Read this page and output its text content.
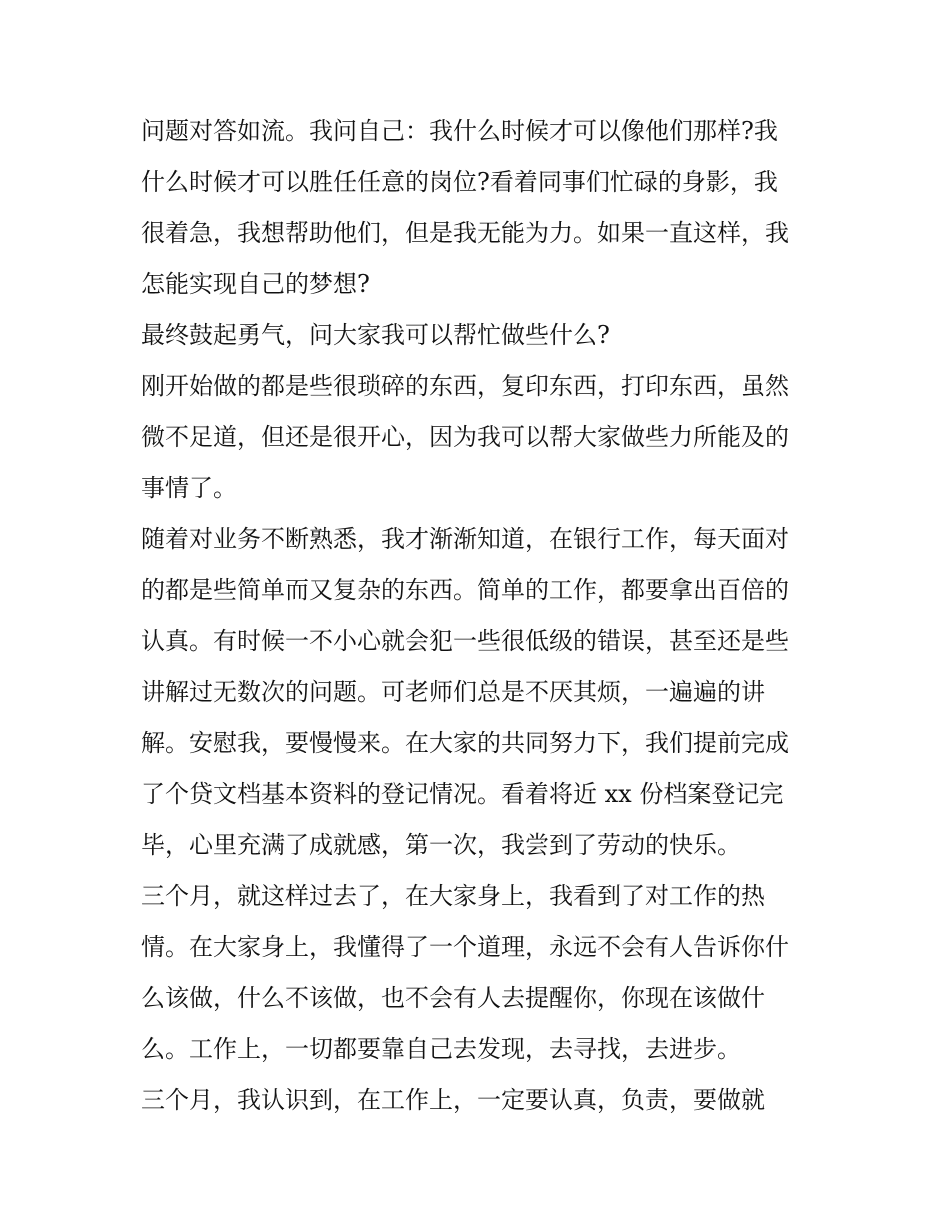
问题对答如流。我问自己：我什么时候才可以像他们那样?我
什么时候才可以胜任任意的岗位?看着同事们忙碌的身影，我
很着急，我想帮助他们，但是我无能为力。如果一直这样，我
怎能实现自己的梦想?
最终鼓起勇气，问大家我可以帮忙做些什么?
刚开始做的都是些很琐碎的东西，复印东西，打印东西，虽然
微不足道，但还是很开心，因为我可以帮大家做些力所能及的
事情了。
随着对业务不断熟悉，我才渐渐知道，在银行工作，每天面对
的都是些简单而又复杂的东西。简单的工作，都要拿出百倍的
认真。有时候一不小心就会犯一些很低级的错误，甚至还是些
讲解过无数次的问题。可老师们总是不厌其烦，一遍遍的讲
解。安慰我，要慢慢来。在大家的共同努力下，我们提前完成
了个贷文档基本资料的登记情况。看着将近 xx 份档案登记完
毕，心里充满了成就感，第一次，我尝到了劳动的快乐。
三个月，就这样过去了，在大家身上，我看到了对工作的热
情。在大家身上，我懂得了一个道理，永远不会有人告诉你什
么该做，什么不该做，也不会有人去提醒你，你现在该做什
么。工作上，一切都要靠自己去发现，去寻找，去进步。
三个月，我认识到，在工作上，一定要认真，负责，要做就
